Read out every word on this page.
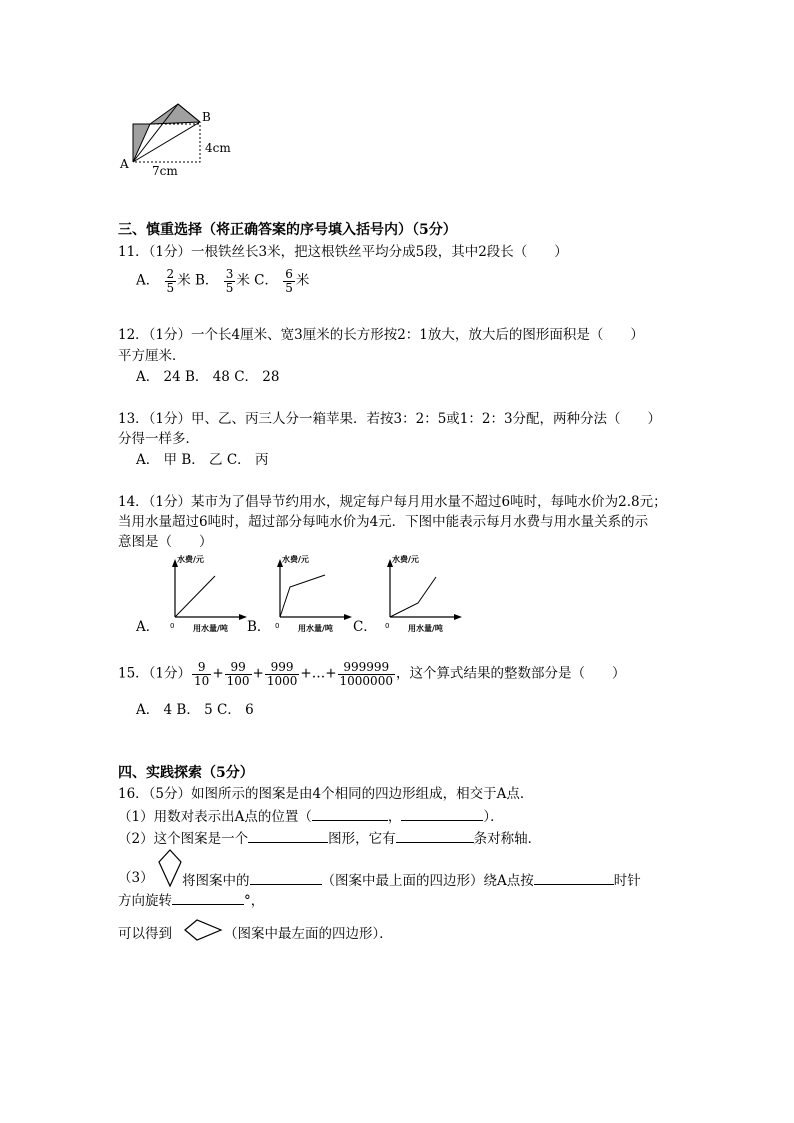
B
A
4cm
7cm
三、慎重选择（将正确答案的序号填入括号内）（5分）
11．（1分）一根铁丝长3米，把这根铁丝平均分成5段，其中2段长（　　）
A． $\frac{2}{5}$ 米 B． $\frac{3}{5}$ 米 C． $\frac{6}{5}$ 米
12．（1分）一个长4厘米、宽3厘米的长方形按2：1放大，放大后的图形面积是（　　）
平方厘米．
A． 24 B． 48 C． 28
13．（1分）甲、乙、丙三人分一箱苹果．若按3：2：5或1：2：3分配，两种分法（　　）
分得一样多．
A． 甲 B． 乙 C． 丙
14．（1分）某市为了倡导节约用水，规定每户每月用水量不超过6吨时，每吨水价为2.8元；
当用水量超过6吨时，超过部分每吨水价为4元．下图中能表示每月水费与用水量关系的示
意图是（　　）
A．
水费/元
0 用水量/吨 B．
水费/元
0 用水量/吨 C．
水费/元
0 用水量/吨
15．（1分） $\frac{9}{10} + \frac{99}{100} + \frac{999}{1000}$ +…+ $\frac{999999}{1000000}$ ，这个算式结果的整数部分是（　　）
A． 4 B． 5 C． 6
四、实践探索（5分）
16．（5分）如图所示的图案是由4个相同的四边形组成，相交于A点．
（1）用数对表示出A点的位置（	，	）．
（2）这个图案是一个	图形，它有	条对称轴．
（3） 将图案中的	（图案中最上面的四边形）绕A点按	时针
方向旋转	°，
可以得到	（图案中最左面的四边形）．
